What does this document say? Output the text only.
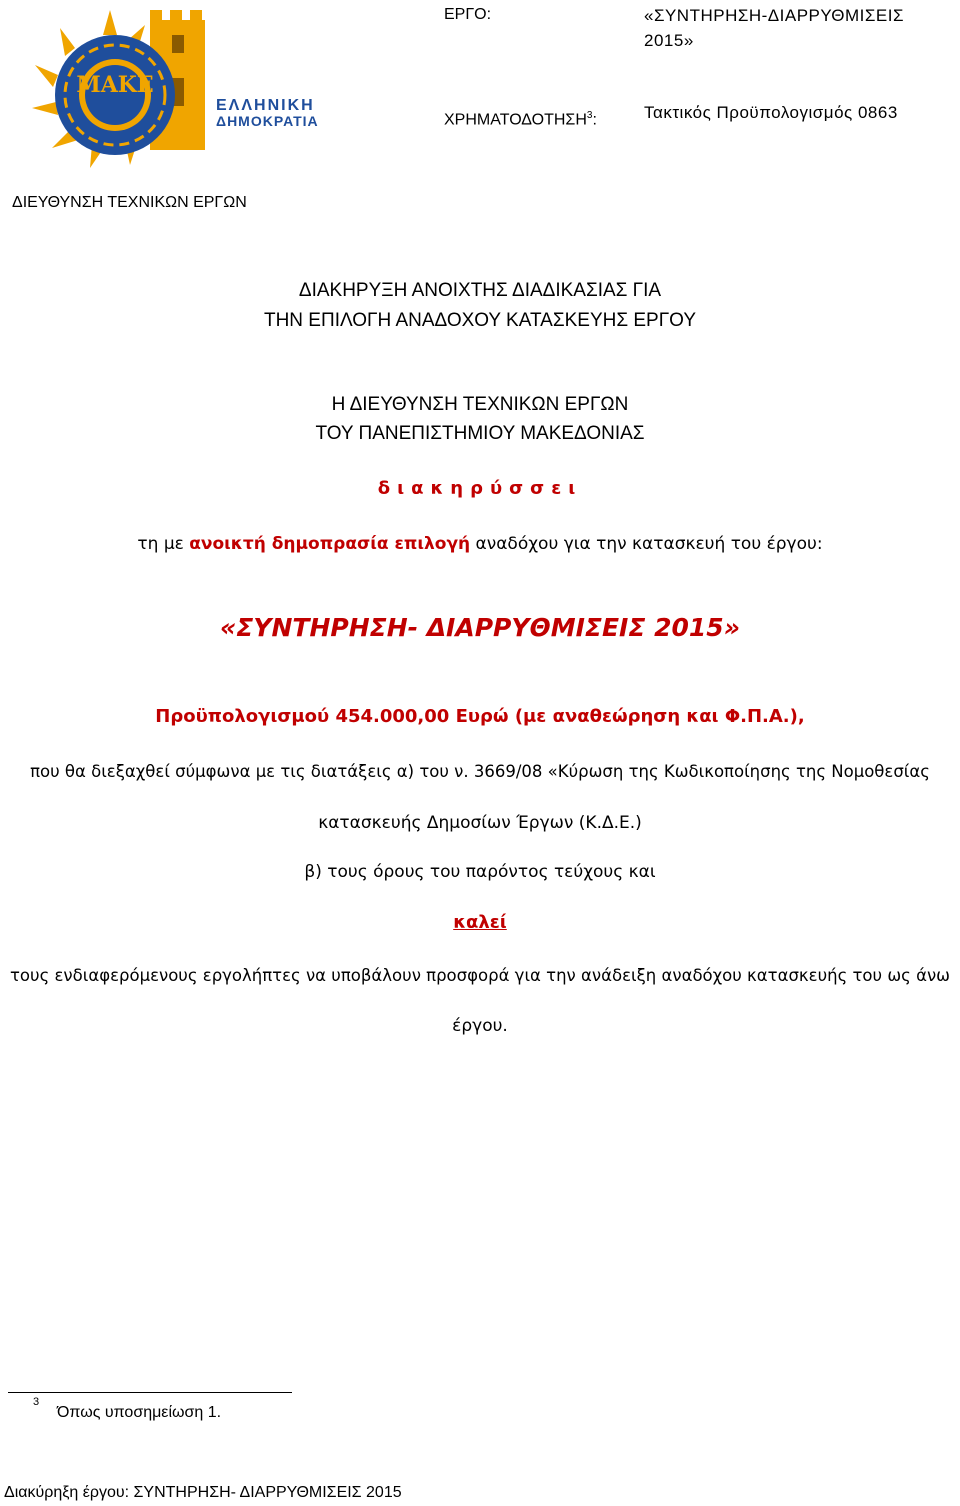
ΜΑΚΕ
ΕΛΛΗΝΙΚΗ
ΔΗΜΟΚΡΑΤΙΑ
ΕΡΓΟ:	«ΣΥΝΤΗΡΗΣΗ-ΔΙΑΡΡΥΘΜΙΣΕΙΣ
2015»
ΧΡΗΜΑΤΟΔΟΤΗΣΗ$^3$:	Τακτικός Προϋπολογισμός 0863
ΔΙΕΥΘΥΝΣΗ ΤΕΧΝΙΚΩΝ ΕΡΓΩΝ
ΔΙΑΚΗΡΥΞΗ ΑΝΟΙΧΤΗΣ ΔΙΑΔΙΚΑΣΙΑΣ ΓΙΑ
ΤΗΝ ΕΠΙΛΟΓΗ ΑΝΑΔΟΧΟΥ ΚΑΤΑΣΚΕΥΗΣ ΕΡΓΟΥ
Η ΔΙΕΥΘΥΝΣΗ ΤΕΧΝΙΚΩΝ ΕΡΓΩΝ
ΤΟΥ ΠΑΝΕΠΙΣΤΗΜΙΟΥ ΜΑΚΕΔΟΝΙΑΣ
διακηρύσσει
τη με ανοικτή δημοπρασία επιλογή αναδόχου για την κατασκευή του έργου:
«ΣΥΝΤΗΡΗΣΗ- ΔΙΑΡΡΥΘΜΙΣΕΙΣ 2015»
Προϋπολογισμού 454.000,00 Ευρώ (με αναθεώρηση και Φ.Π.Α.),
που θα διεξαχθεί σύμφωνα με τις διατάξεις α) του ν. 3669/08 «Κύρωση της Κωδικοποίησης της Νομοθεσίας
κατασκευής Δημοσίων Έργων (Κ.Δ.Ε.)
β) τους όρους του παρόντος τεύχους και
καλεί
τους ενδιαφερόμενους εργολήπτες να υποβάλουν προσφορά για την ανάδειξη αναδόχου κατασκευής του ως άνω
έργου.
3
Όπως υποσημείωση 1.
Διακύρηξη έργου: ΣΥΝΤΗΡΗΣΗ- ΔΙΑΡΡΥΘΜΙΣΕΙΣ 2015
